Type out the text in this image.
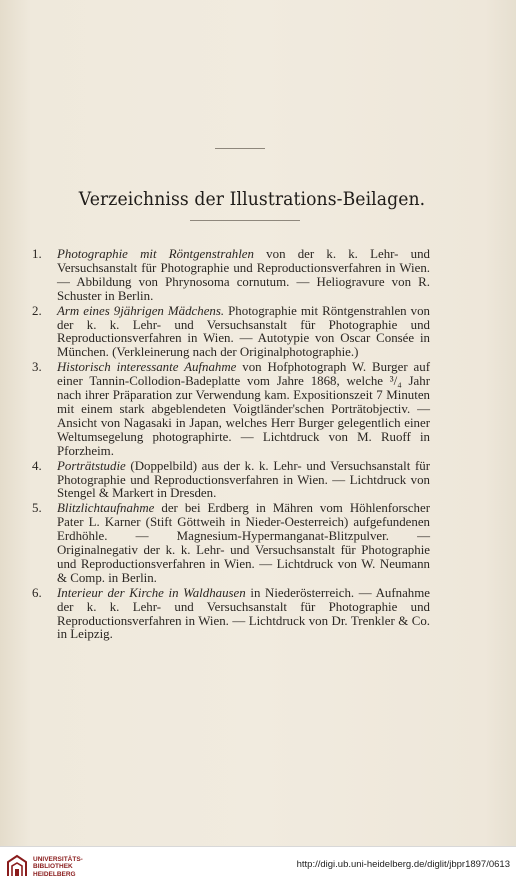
Verzeichniss der Illustrations-Beilagen.
1.	Photographie mit Röntgenstrahlen von der k. k. Lehr- und Versuchsanstalt für Photographie und Reproductionsverfahren in Wien. — Abbildung von Phrynosoma cornutum. — Heliogravure von R. Schuster in Berlin.
2.	Arm eines 9jährigen Mädchens. Photographie mit Röntgenstrahlen von der k. k. Lehr- und Versuchsanstalt für Photographie und Reproductionsverfahren in Wien. — Autotypie von Oscar Consée in München. (Verkleinerung nach der Originalphotographie.)
3.	Historisch interessante Aufnahme von Hofphotograph W. Burger auf einer Tannin-Collodion-Badeplatte vom Jahre 1868, welche ³/₄ Jahr nach ihrer Präparation zur Verwendung kam. Expositionszeit 7 Minuten mit einem stark abgeblendeten Voigtländer'schen Porträtobjectiv. — Ansicht von Nagasaki in Japan, welches Herr Burger gelegentlich einer Weltumsegelung photographirte. — Lichtdruck von M. Ruoff in Pforzheim.
4.	Porträtstudie (Doppelbild) aus der k. k. Lehr- und Versuchsanstalt für Photographie und Reproductionsverfahren in Wien. — Lichtdruck von Stengel & Markert in Dresden.
5.	Blitzlichtaufnahme der bei Erdberg in Mähren vom Höhlenforscher Pater L. Karner (Stift Göttweih in Nieder-Oesterreich) aufgefundenen Erdhöhle. — Magnesium-Hypermanganat-Blitzpulver. — Originalnegativ der k. k. Lehr- und Versuchsanstalt für Photographie und Reproductionsverfahren in Wien. — Lichtdruck von W. Neumann & Comp. in Berlin.
6.	Interieur der Kirche in Waldhausen in Niederösterreich. — Aufnahme der k. k. Lehr- und Versuchsanstalt für Photographie und Reproductionsverfahren in Wien. — Lichtdruck von Dr. Trenkler & Co. in Leipzig.
UNIVERSITÄTS-
BIBLIOTHEK
HEIDELBERG
http://digi.ub.uni-heidelberg.de/diglit/jbpr1897/0613
